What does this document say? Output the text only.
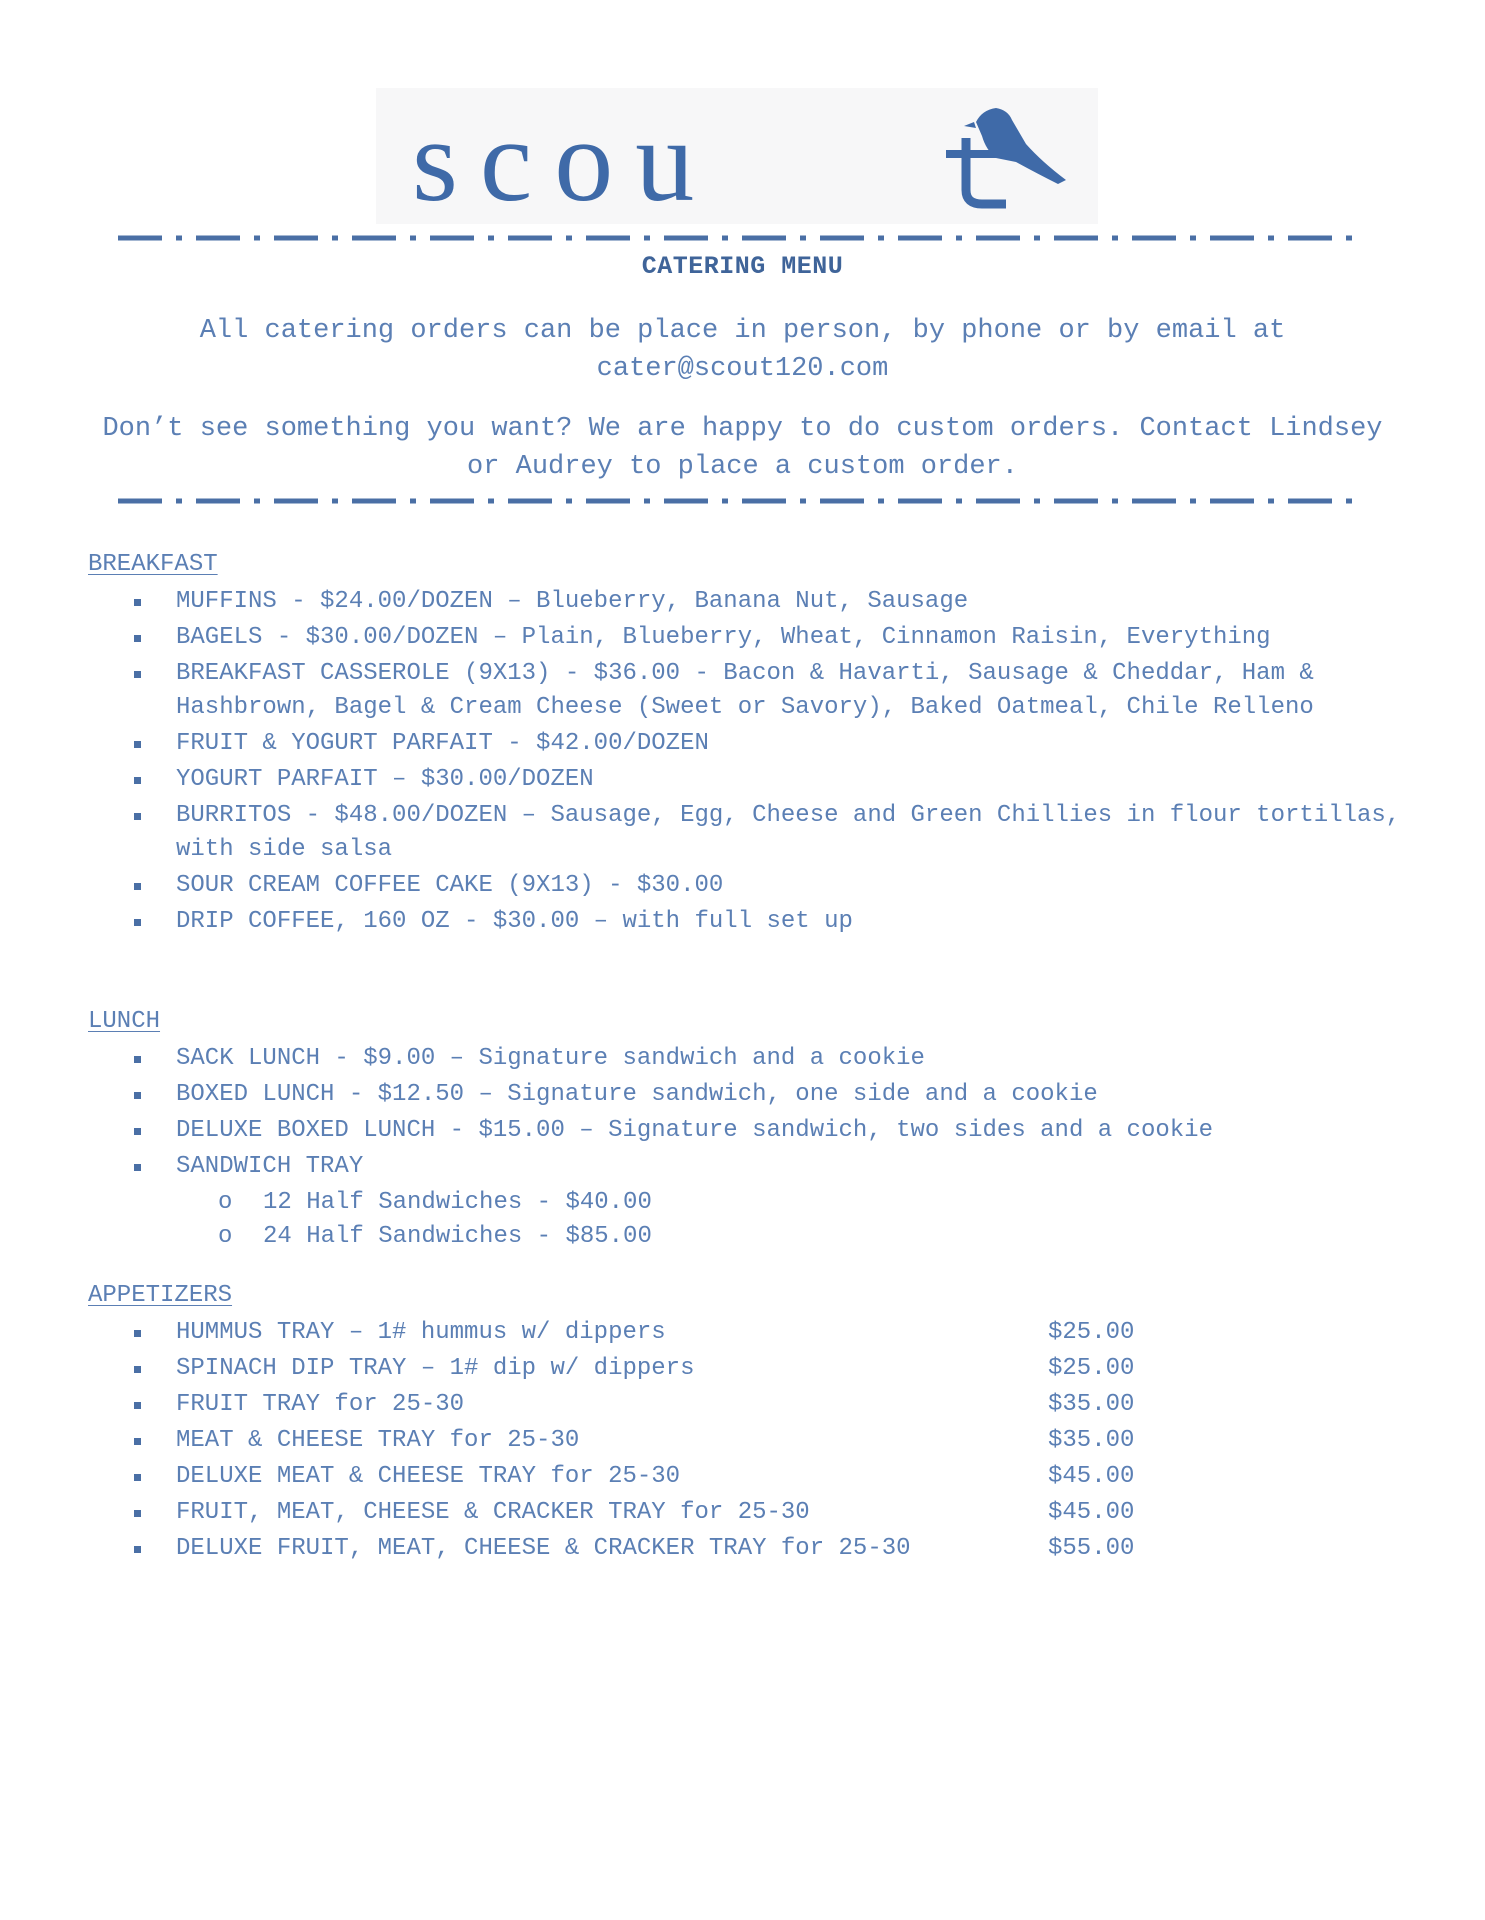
scou
CATERING MENU
All catering orders can be place in person, by phone or by email at cater@scout120.com
Don’t see something you want? We are happy to do custom orders. Contact Lindsey or Audrey to place a custom order.
BREAKFAST
MUFFINS - $24.00/DOZEN – Blueberry, Banana Nut, Sausage
BAGELS - $30.00/DOZEN – Plain, Blueberry, Wheat, Cinnamon Raisin, Everything
BREAKFAST CASSEROLE (9X13) - $36.00 - Bacon & Havarti, Sausage & Cheddar, Ham & Hashbrown, Bagel & Cream Cheese (Sweet or Savory), Baked Oatmeal, Chile Relleno
FRUIT & YOGURT PARFAIT - $42.00/DOZEN
YOGURT PARFAIT – $30.00/DOZEN
BURRITOS - $48.00/DOZEN – Sausage, Egg, Cheese and Green Chillies in flour tortillas, with side salsa
SOUR CREAM COFFEE CAKE (9X13) - $30.00
DRIP COFFEE, 160 OZ - $30.00 – with full set up
LUNCH
SACK LUNCH - $9.00 – Signature sandwich and a cookie
BOXED LUNCH - $12.50 – Signature sandwich, one side and a cookie
DELUXE BOXED LUNCH - $15.00 – Signature sandwich, two sides and a cookie
SANDWICH TRAY
o 12 Half Sandwiches - $40.00
o 24 Half Sandwiches - $85.00
APPETIZERS
HUMMUS TRAY – 1# hummus w/ dippers	$25.00
SPINACH DIP TRAY – 1# dip w/ dippers	$25.00
FRUIT TRAY for 25-30	$35.00
MEAT & CHEESE TRAY for 25-30	$35.00
DELUXE MEAT & CHEESE TRAY for 25-30	$45.00
FRUIT, MEAT, CHEESE & CRACKER TRAY for 25-30	$45.00
DELUXE FRUIT, MEAT, CHEESE & CRACKER TRAY for 25-30	$55.00
